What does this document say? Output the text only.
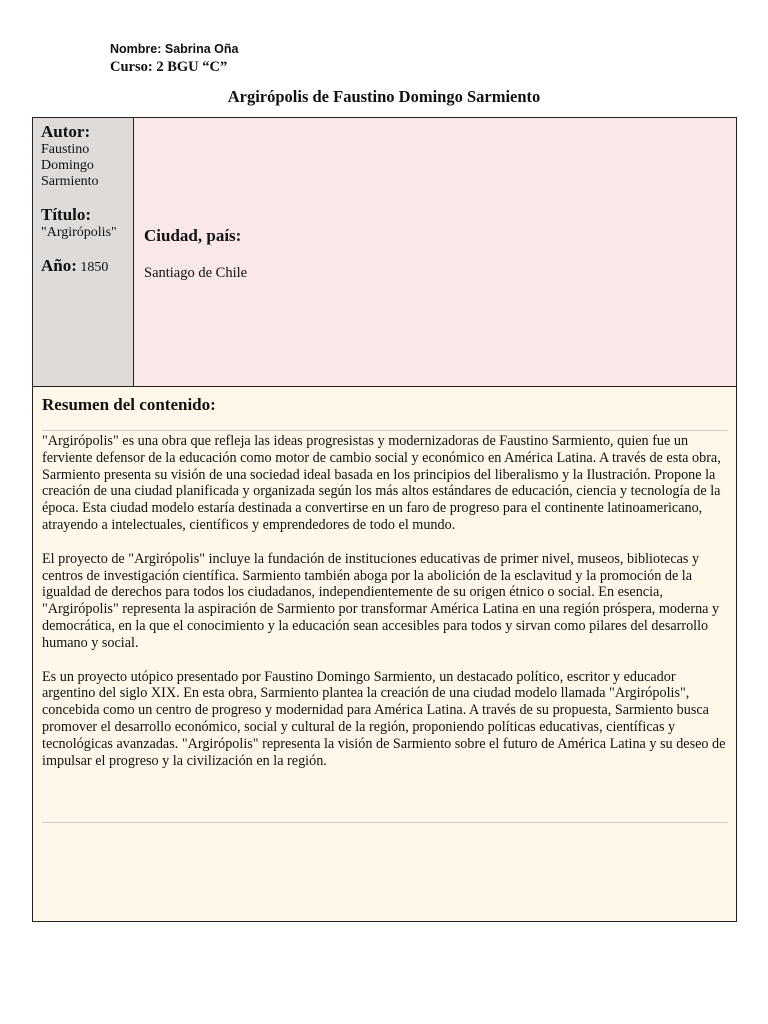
Nombre: Sabrina Oña
Curso: 2 BGU “C”
Argirópolis de Faustino Domingo Sarmiento
Autor:
Faustino Domingo Sarmiento
Título:
"Argirópolis"
Año: 1850
Ciudad, país:
Santiago de Chile
Resumen del contenido:

"Argirópolis" es una obra que refleja las ideas progresistas y modernizadoras de Faustino Sarmiento, quien fue un ferviente defensor de la educación como motor de cambio social y económico en América Latina. A través de esta obra, Sarmiento presenta su visión de una sociedad ideal basada en los principios del liberalismo y la Ilustración. Propone la creación de una ciudad planificada y organizada según los más altos estándares de educación, ciencia y tecnología de la época. Esta ciudad modelo estaría destinada a convertirse en un faro de progreso para el continente latinoamericano, atrayendo a intelectuales, científicos y emprendedores de todo el mundo.

El proyecto de "Argirópolis" incluye la fundación de instituciones educativas de primer nivel, museos, bibliotecas y centros de investigación científica. Sarmiento también aboga por la abolición de la esclavitud y la promoción de la igualdad de derechos para todos los ciudadanos, independientemente de su origen étnico o social. En esencia, "Argirópolis" representa la aspiración de Sarmiento por transformar América Latina en una región próspera, moderna y democrática, en la que el conocimiento y la educación sean accesibles para todos y sirvan como pilares del desarrollo humano y social.

Es un proyecto utópico presentado por Faustino Domingo Sarmiento, un destacado político, escritor y educador argentino del siglo XIX. En esta obra, Sarmiento plantea la creación de una ciudad modelo llamada "Argirópolis", concebida como un centro de progreso y modernidad para América Latina. A través de su propuesta, Sarmiento busca promover el desarrollo económico, social y cultural de la región, proponiendo políticas educativas, científicas y tecnológicas avanzadas. "Argirópolis" representa la visión de Sarmiento sobre el futuro de América Latina y su deseo de impulsar el progreso y la civilización en la región.
